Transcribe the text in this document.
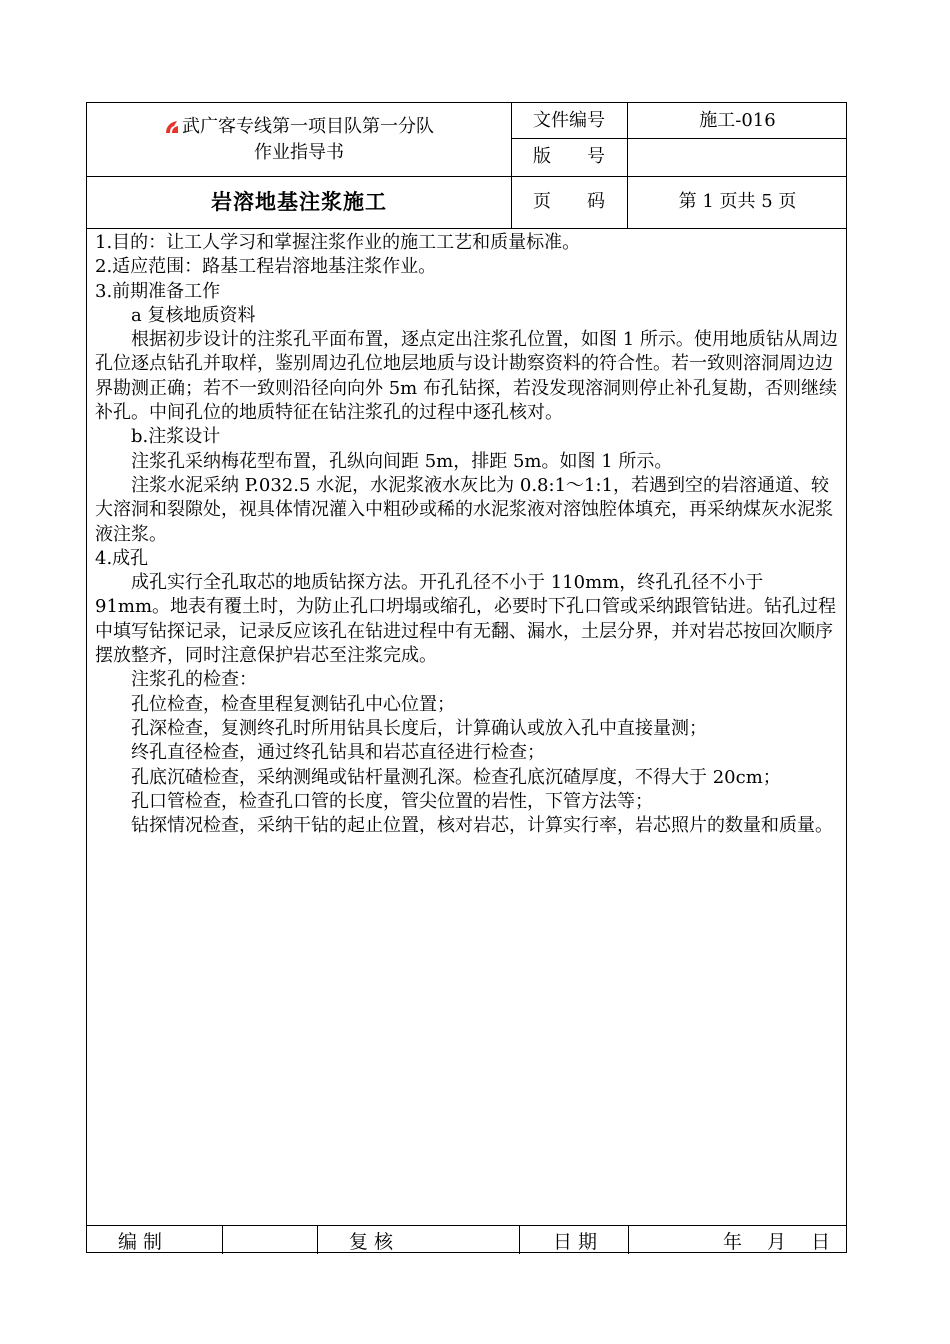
武广客专线第一项目队第一分队
作业指导书
岩溶地基注浆施工
文件编号	施工-016
版　　号
页　　码	第 1 页共 5 页

1.目的：让工人学习和掌握注浆作业的施工工艺和质量标准。

2.适应范围：路基工程岩溶地基注浆作业。

3.前期准备工作

a 复核地质资料

根据初步设计的注浆孔平面布置，逐点定出注浆孔位置，如图 1 所示。使用地质钻从周边孔位逐点钻孔并取样，鉴别周边孔位地层地质与设计勘察资料的符合性。若一致则溶洞周边边界勘测正确；若不一致则沿径向向外 5m 布孔钻探，若没发现溶洞则停止补孔复勘，否则继续补孔。中间孔位的地质特征在钻注浆孔的过程中逐孔核对。

b.注浆设计

注浆孔采纳梅花型布置，孔纵向间距 5m，排距 5m。如图 1 所示。

注浆水泥采纳 P.032.5 水泥，水泥浆液水灰比为 0.8:1～1:1，若遇到空的岩溶通道、较大溶洞和裂隙处，视具体情况灌入中粗砂或稀的水泥浆液对溶蚀腔体填充，再采纳煤灰水泥浆液注浆。

4.成孔

成孔实行全孔取芯的地质钻探方法。开孔孔径不小于 110mm，终孔孔径不小于 91mm。地表有覆土时，为防止孔口坍塌或缩孔，必要时下孔口管或采纳跟管钻进。钻孔过程中填写钻探记录，记录反应该孔在钻进过程中有无翻、漏水，土层分界，并对岩芯按回次顺序摆放整齐，同时注意保护岩芯至注浆完成。

注浆孔的检查：

孔位检查，检查里程复测钻孔中心位置；

孔深检查，复测终孔时所用钻具长度后，计算确认或放入孔中直接量测；

终孔直径检查，通过终孔钻具和岩芯直径进行检查；

孔底沉碴检查，采纳测绳或钻杆量测孔深。检查孔底沉碴厚度，不得大于 20cm；

孔口管检查，检查孔口管的长度，管尖位置的岩性，下管方法等；

钻探情况检查，采纳干钻的起止位置，核对岩芯，计算实行率，岩芯照片的数量和质量。

编 制	复 核	日 期	年　 月　 日
